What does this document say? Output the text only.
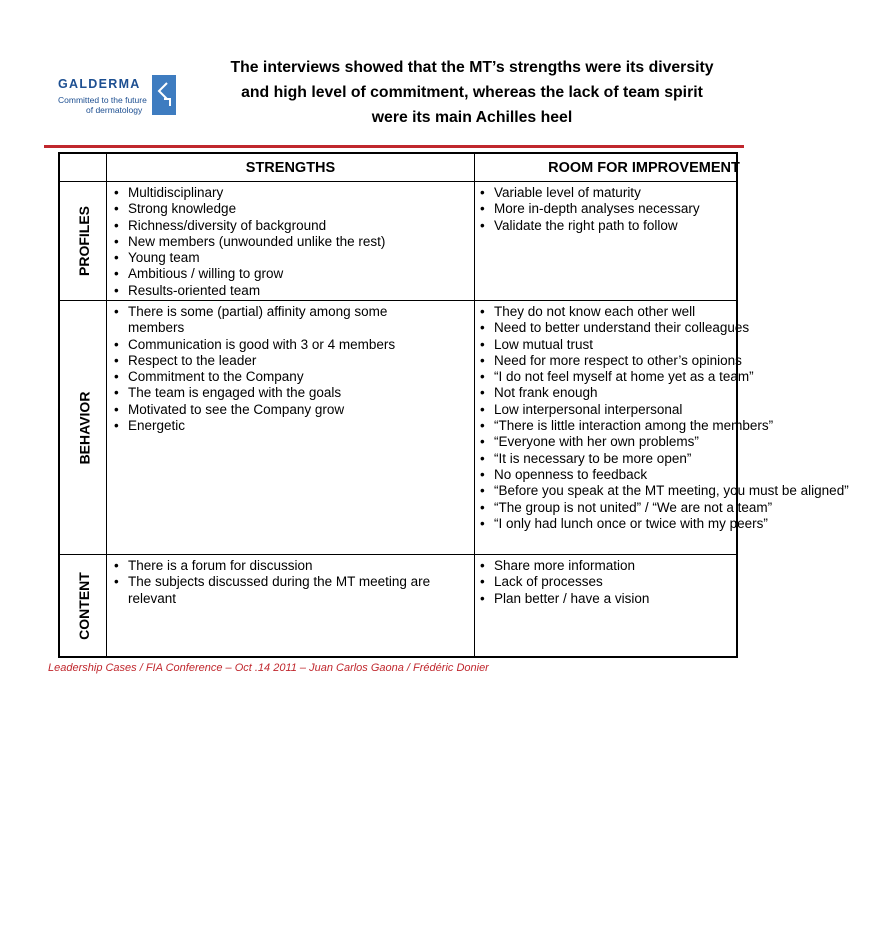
GALDERMA
Committed to the future
of dermatology
The interviews showed that the MT’s strengths were its diversity
and high level of commitment, whereas the lack of team spirit
were its main Achilles heel
STRENGTHS	ROOM FOR IMPROVEMENT
PROFILES
BEHAVIOR
CONTENT
• Multidisciplinary
• Strong knowledge
• Richness/diversity of background
• New members (unwounded unlike the rest)
• Young team
• Ambitious / willing to grow
• Results-oriented team
• Variable level of maturity
• More in-depth analyses necessary
• Validate the right path to follow
• There is some (partial) affinity among some members
• Communication is good with 3 or 4 members
• Respect to the leader
• Commitment to the Company
• The team is engaged with the goals
• Motivated to see the Company grow
• Energetic
• They do not know each other well
• Need to better understand their colleagues
• Low mutual trust
• Need for more respect to other’s opinions
• “I do not feel myself at home yet as a team”
• Not frank enough
• Low interpersonal interpersonal
• “There is little interaction among the members”
• “Everyone with her own problems”
• “It is necessary to be more open”
• No openness to feedback
• “Before you speak at the MT meeting, you must be aligned”
• “The group is not united” / “We are not a team”
• “I only had lunch once or twice with my peers”
• There is a forum for discussion
• The subjects discussed during the MT meeting are relevant
• Share more information
• Lack of processes
• Plan better / have a vision
Leadership Cases / FIA Conference – Oct .14 2011 – Juan Carlos Gaona / Frédéric Donier
